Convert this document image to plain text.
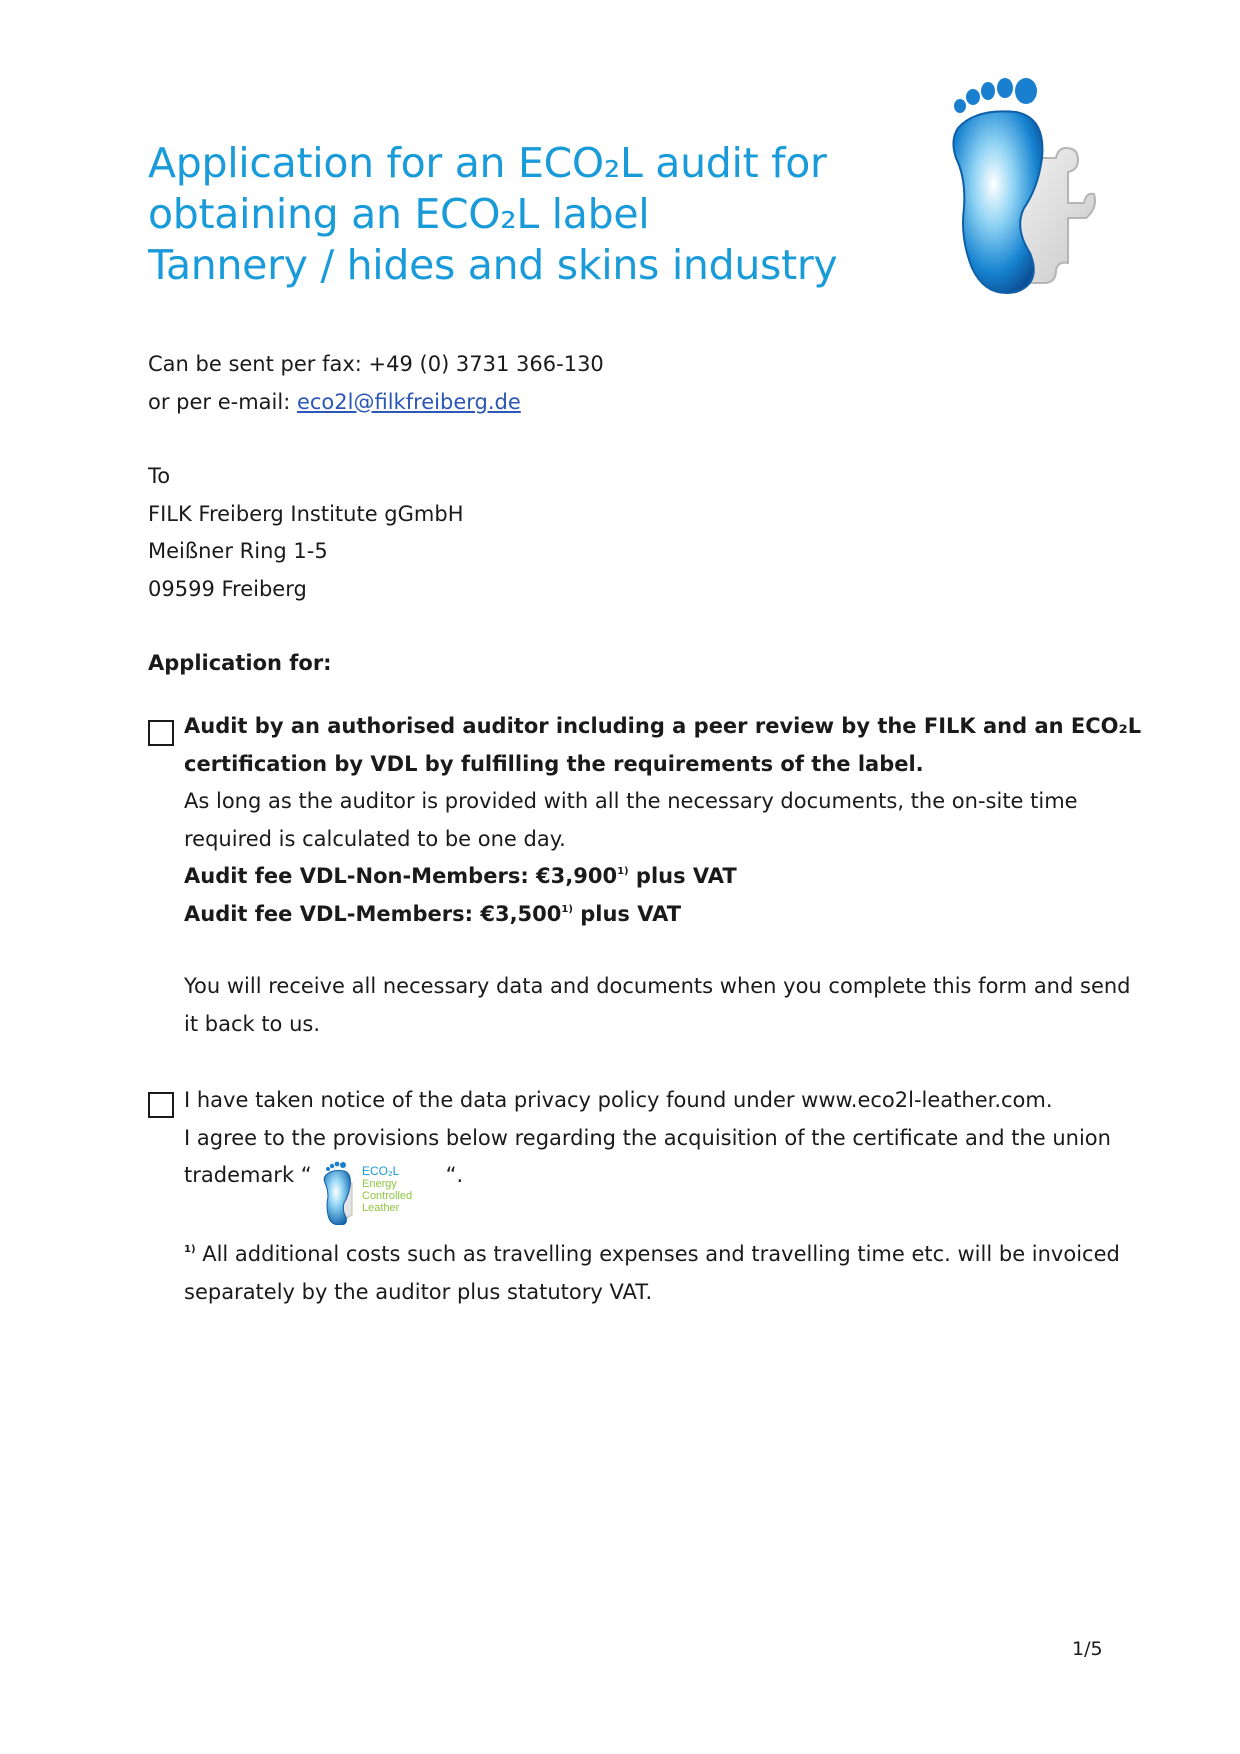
Application for an ECO₂L audit for
obtaining an ECO₂L label
Tannery / hides and skins industry
Can be sent per fax: +49 (0) 3731 366-130
or per e-mail: eco2l@filkfreiberg.de
To
FILK Freiberg Institute gGmbH
Meißner Ring 1-5
09599 Freiberg
Application for:
Audit by an authorised auditor including a peer review by the FILK and an ECO₂L
certification by VDL by fulfilling the requirements of the label.
As long as the auditor is provided with all the necessary documents, the on-site time
required is calculated to be one day.
Audit fee VDL-Non-Members: €3,900$^{1)}$ plus VAT
Audit fee VDL-Members: €3,500$^{1)}$ plus VAT
You will receive all necessary data and documents when you complete this form and send
it back to us.
I have taken notice of the data privacy policy found under www.eco2l-leather.com.
I agree to the provisions below regarding the acquisition of the certificate and the union
trademark “	ECO₂L
Energy
Controlled
Leather
“.
$^{1)}$ All additional costs such as travelling expenses and travelling time etc. will be invoiced
separately by the auditor plus statutory VAT.
1/5
